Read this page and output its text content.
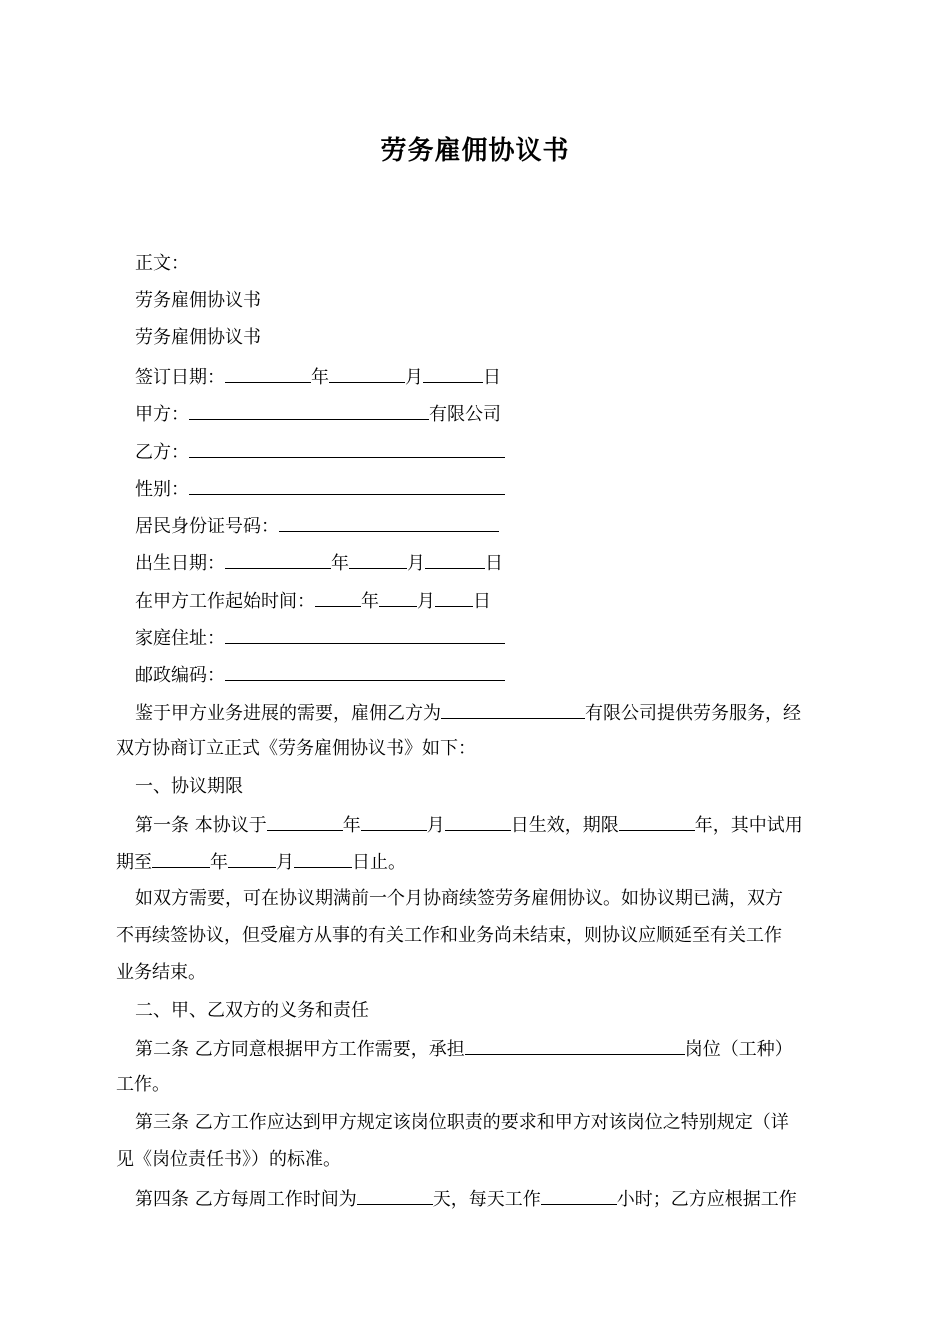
劳务雇佣协议书
正文：
劳务雇佣协议书
劳务雇佣协议书
签订日期：	年	月	日
甲方：	有限公司
乙方：
性别：
居民身份证号码：
出生日期：	年	月	日
在甲方工作起始时间：	年 月 日
家庭住址：
邮政编码：
鉴于甲方业务进展的需要，雇佣乙方为	有限公司提供劳务服务，经
双方协商订立正式《劳务雇佣协议书》如下：
一、协议期限
第一条 本协议于	年	月	日生效，期限	年，其中试用
期至	年	月	日止。
如双方需要，可在协议期满前一个月协商续签劳务雇佣协议。如协议期已满，双方
不再续签协议，但受雇方从事的有关工作和业务尚未结束，则协议应顺延至有关工作
业务结束。
二、甲、乙双方的义务和责任
第二条 乙方同意根据甲方工作需要，承担	岗位（工种）
工作。
第三条 乙方工作应达到甲方规定该岗位职责的要求和甲方对该岗位之特别规定（详
见《岗位责任书》）的标准。
第四条 乙方每周工作时间为	天，每天工作	小时；乙方应根据工作
